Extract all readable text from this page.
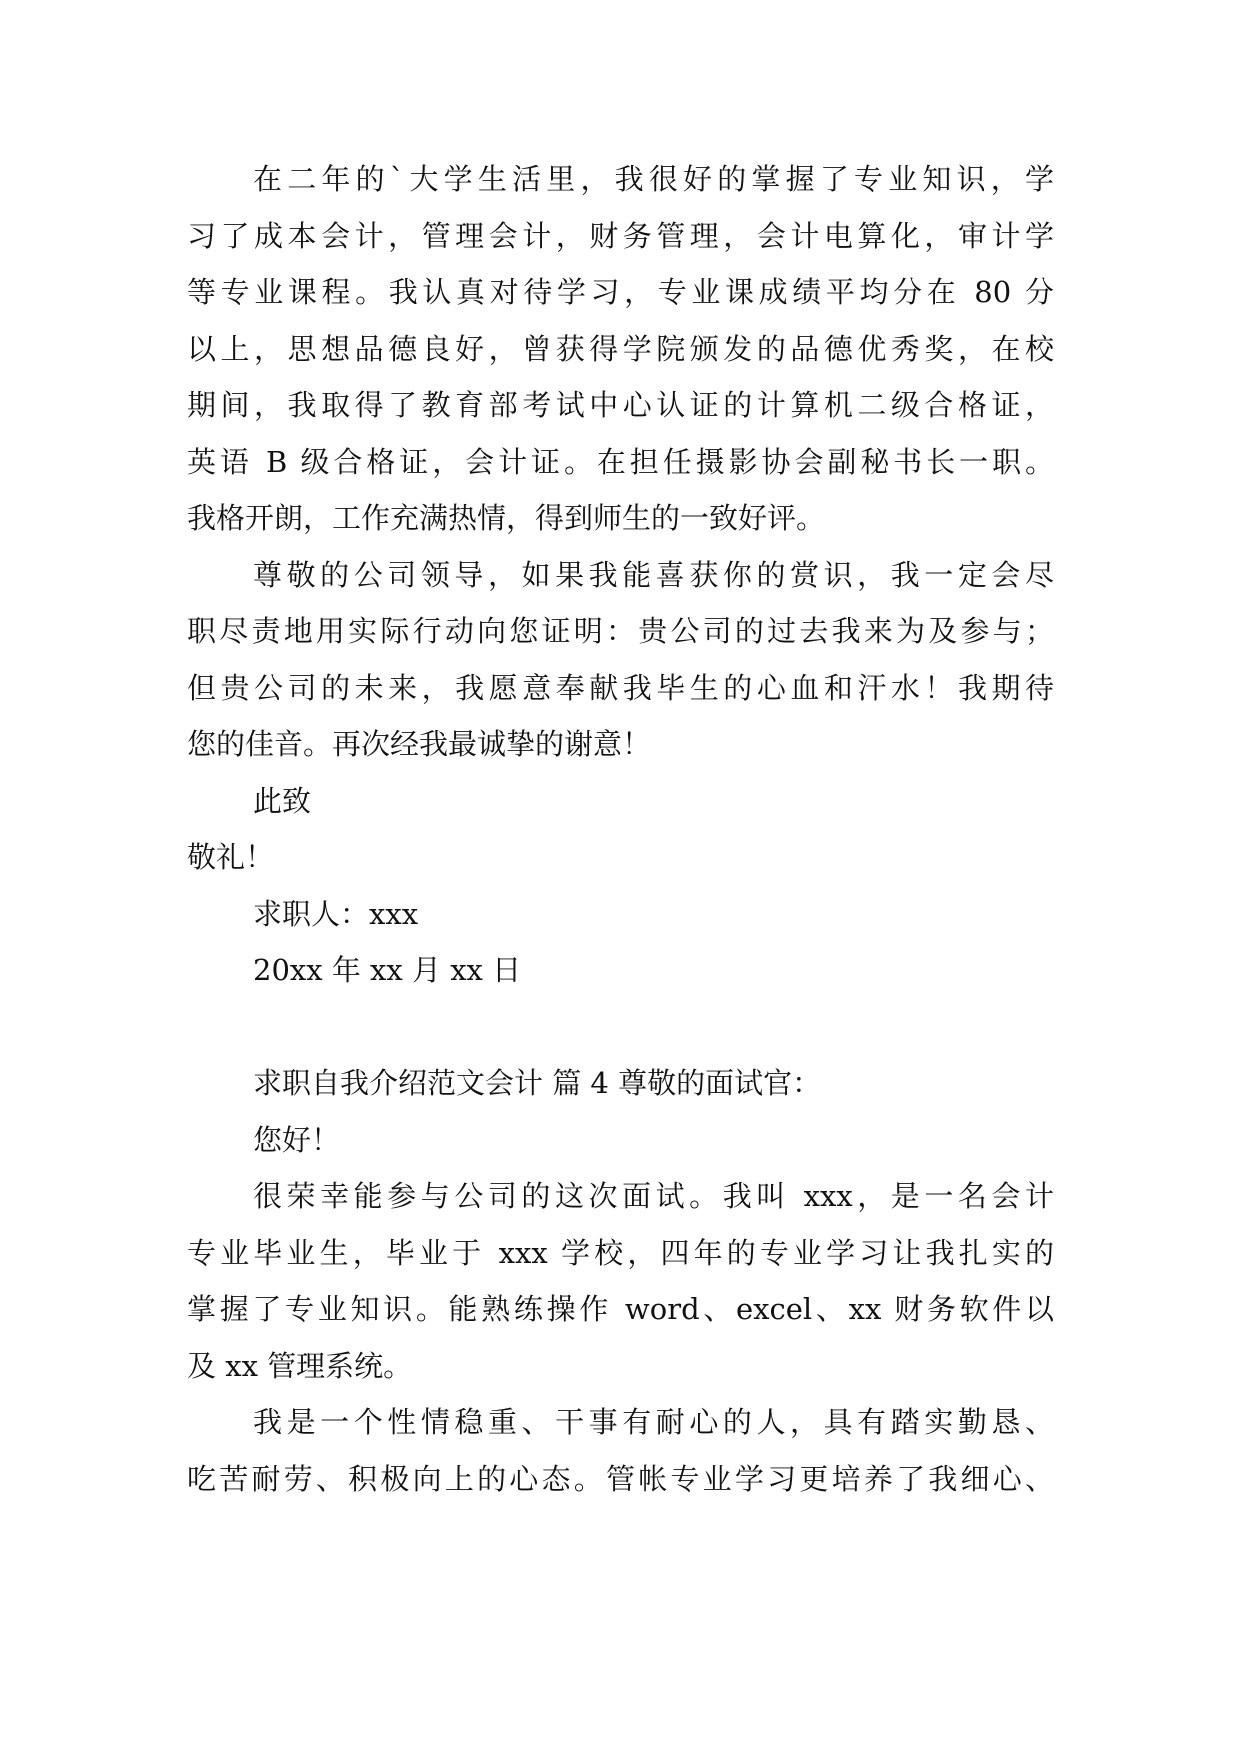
在二年的`大学生活里，我很好的掌握了专业知识，学
习了成本会计，管理会计，财务管理，会计电算化，审计学
等专业课程。我认真对待学习，专业课成绩平均分在 80 分
以上，思想品德良好，曾获得学院颁发的品德优秀奖，在校
期间，我取得了教育部考试中心认证的计算机二级合格证，
英语 B 级合格证，会计证。在担任摄影协会副秘书长一职。
我格开朗，工作充满热情，得到师生的一致好评。
尊敬的公司领导，如果我能喜获你的赏识，我一定会尽
职尽责地用实际行动向您证明：贵公司的过去我来为及参与；
但贵公司的未来，我愿意奉献我毕生的心血和汗水！我期待
您的佳音。再次经我最诚挚的谢意！
此致
敬礼！
求职人：xxx
20xx 年 xx 月 xx 日
求职自我介绍范文会计 篇 4 尊敬的面试官：
您好！
很荣幸能参与公司的这次面试。我叫 xxx，是一名会计
专业毕业生，毕业于 xxx 学校，四年的专业学习让我扎实的
掌握了专业知识。能熟练操作 word、excel、xx 财务软件以
及 xx 管理系统。
我是一个性情稳重、干事有耐心的人，具有踏实勤恳、
吃苦耐劳、积极向上的心态。管帐专业学习更培养了我细心、
